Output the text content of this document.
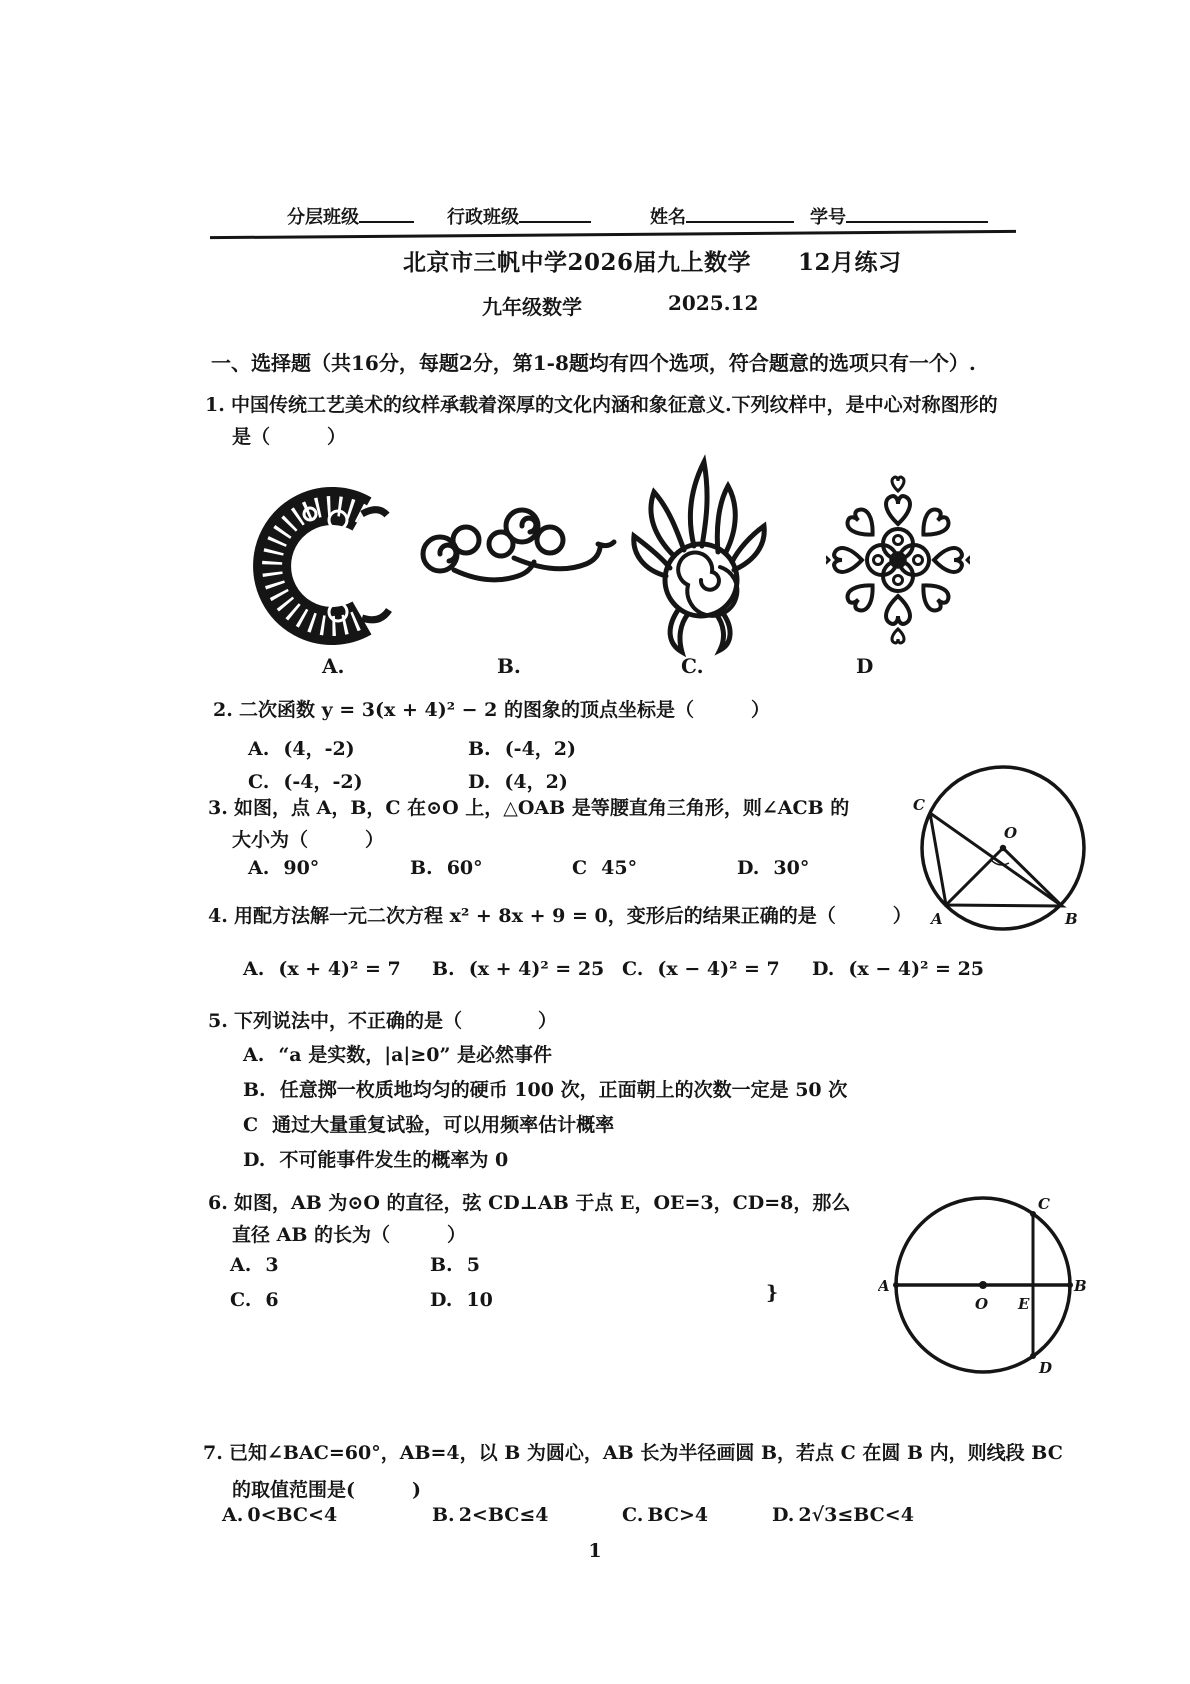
分层班级	行政班级	姓名	学号
北京市三帆中学2026届九上数学　　12月练习
九年级数学	2025.12
一、选择题（共16分，每题2分，第1-8题均有四个选项，符合题意的选项只有一个）.
1. 中国传统工艺美术的纹样承载着深厚的文化内涵和象征意义.下列纹样中，是中心对称图形的
是（　　　）
A.	B.	C.	D
2. 二次函数 y = 3(x + 4)² − 2 的图象的顶点坐标是（　　　）
A. (4，-2)	B. (-4，2)
C. (-4，-2)	D. (4，2)
3. 如图，点 A，B，C 在⊙O 上，△OAB 是等腰直角三角形，则∠ACB 的
大小为（　　　）
A. 90°	B. 60°	C 45°	D. 30°
C
O
A	B
4. 用配方法解一元二次方程 x² + 8x + 9 = 0，变形后的结果正确的是（　　　）
A. (x + 4)² = 7 B. (x + 4)² = 25 C. (x − 4)² = 7 D. (x − 4)² = 25
5. 下列说法中，不正确的是（　　　　）
A. “a 是实数，|a|≥0” 是必然事件
B. 任意掷一枚质地均匀的硬币 100 次，正面朝上的次数一定是 50 次
C 通过大量重复试验，可以用频率估计概率
D. 不可能事件发生的概率为 0
6. 如图，AB 为⊙O 的直径，弦 CD⊥AB 于点 E，OE=3，CD=8，那么
直径 AB 的长为（　　　）
A. 3	B. 5
C. 6	D. 10	}	A	B
O E
C
D
7. 已知∠BAC=60°，AB=4，以 B 为圆心，AB 长为半径画圆 B，若点 C 在圆 B 内，则线段 BC
的取值范围是(　　　)
A. 0<BC<4	B. 2<BC≤4	C. BC>4	D. 2√3≤BC<4
1
